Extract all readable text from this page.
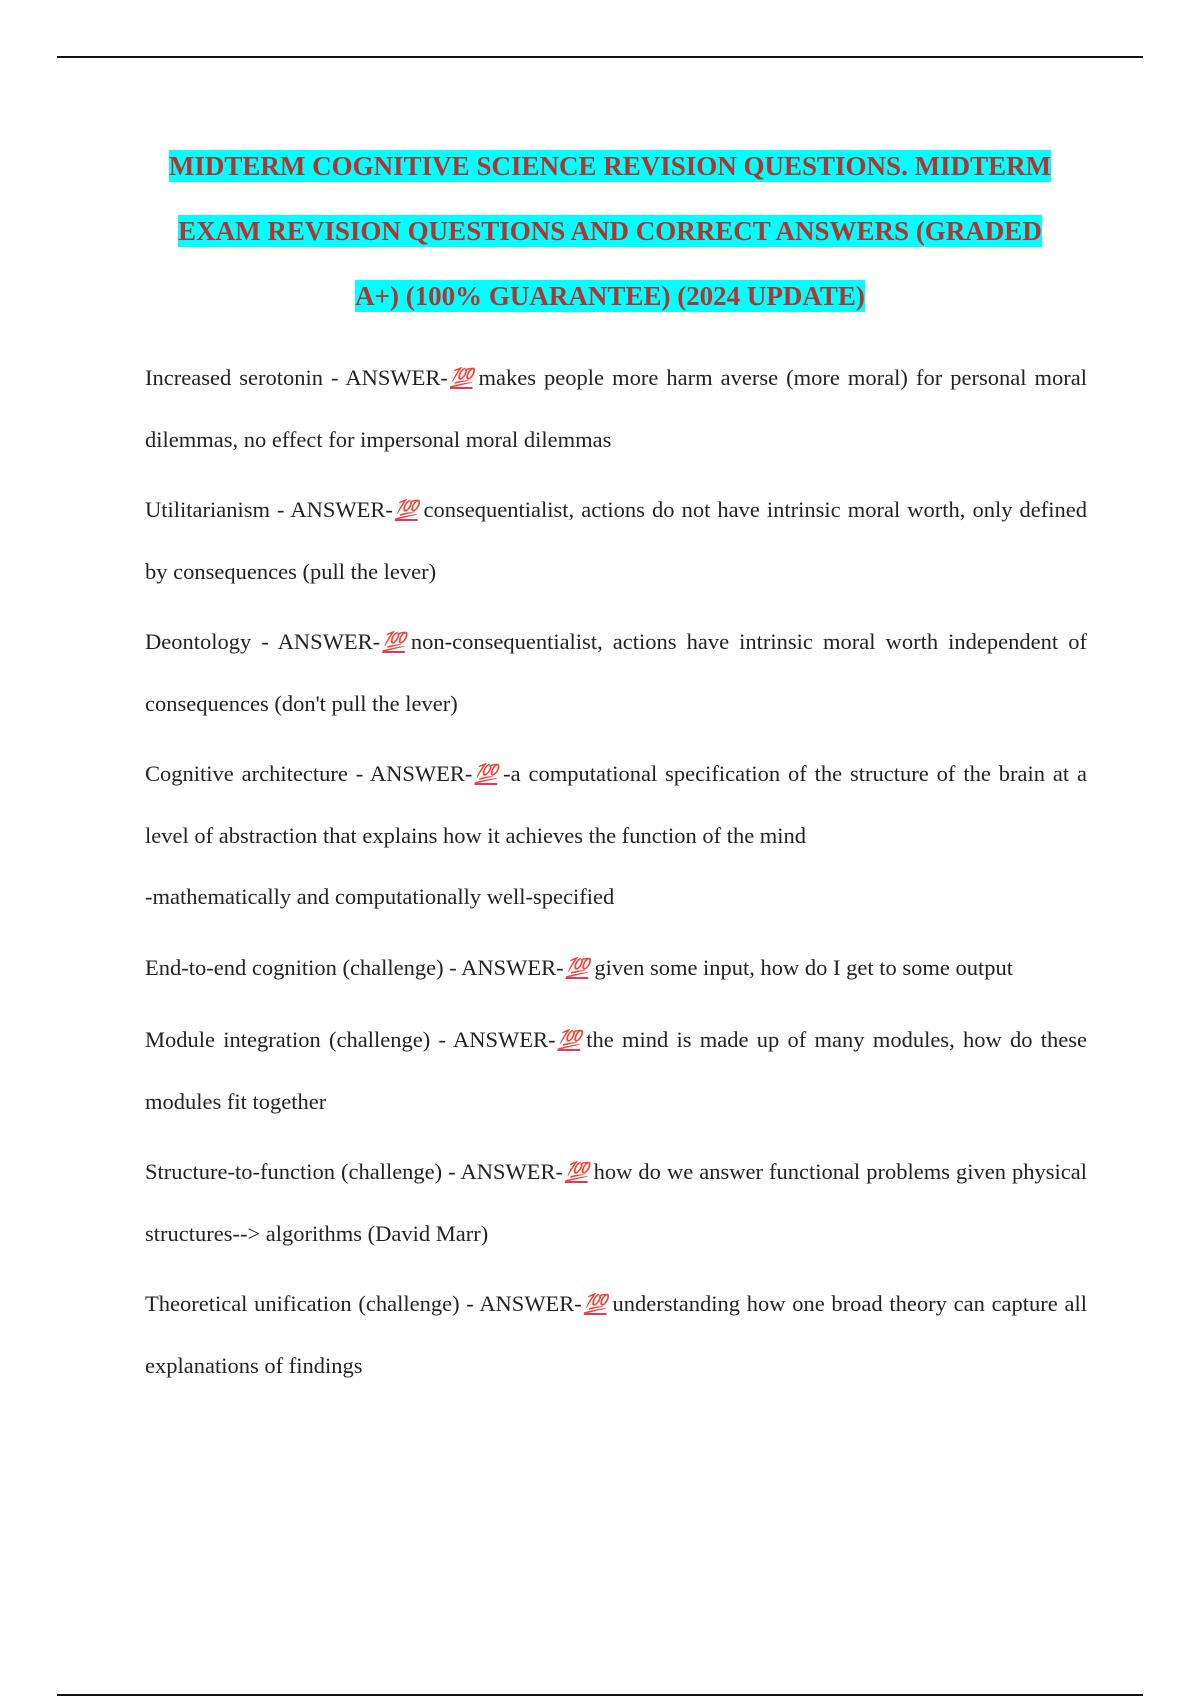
MIDTERM COGNITIVE SCIENCE REVISION QUESTIONS. MIDTERM
EXAM REVISION QUESTIONS AND CORRECT ANSWERS (GRADED
A+) (100% GUARANTEE) (2024 UPDATE)

Increased serotonin - ANSWER- 💯 makes people more harm averse (more moral) for personal moral dilemmas, no effect for impersonal moral dilemmas

Utilitarianism - ANSWER- 💯 consequentialist, actions do not have intrinsic moral worth, only defined by consequences (pull the lever)

Deontology - ANSWER- 💯 non-consequentialist, actions have intrinsic moral worth independent of consequences (don't pull the lever)

Cognitive architecture - ANSWER- 💯 -a computational specification of the structure of the brain at a level of abstraction that explains how it achieves the function of the mind

-mathematically and computationally well-specified

End-to-end cognition (challenge) - ANSWER- 💯 given some input, how do I get to some output

Module integration (challenge) - ANSWER- 💯 the mind is made up of many modules, how do these modules fit together

Structure-to-function (challenge) - ANSWER- 💯 how do we answer functional problems given physical structures--> algorithms (David Marr)

Theoretical unification (challenge) - ANSWER- 💯 understanding how one broad theory can capture all explanations of findings
